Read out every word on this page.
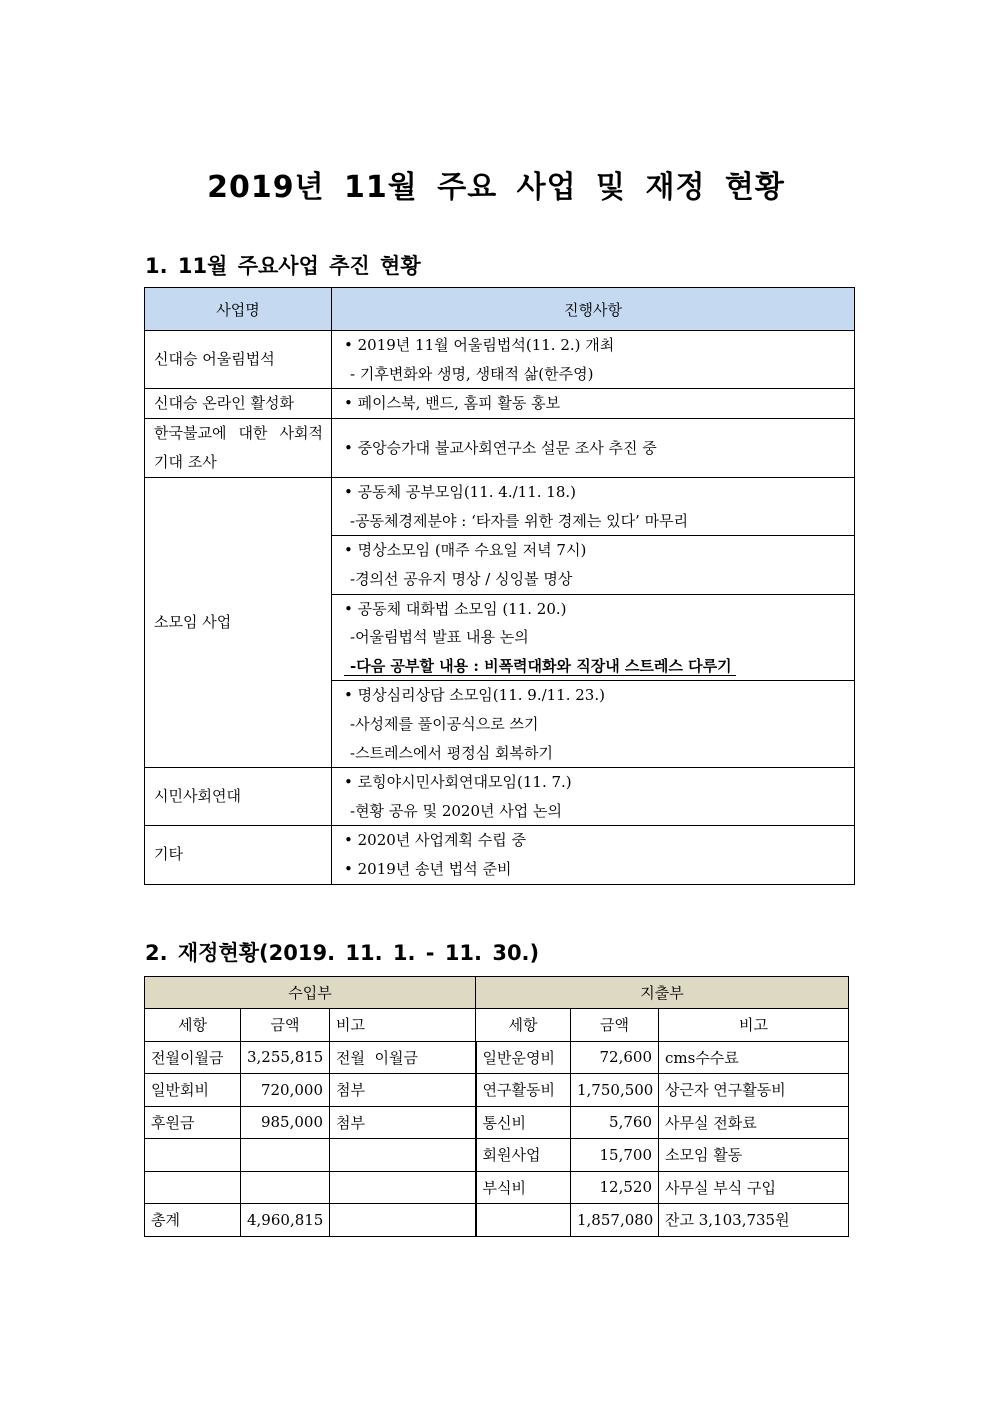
2019년 11월 주요 사업 및 재정 현황
1. 11월 주요사업 추진 현황
사업명	진행사항
신대승 어울림법석	• 2019년 11월 어울림법석(11. 2.) 개최
- 기후변화와 생명, 생태적 삶(한주영)

신대승 온라인 활성화	• 페이스북, 밴드, 홈피 활동 홍보

한국불교에 대한 사회적 기대 조사	• 중앙승가대 불교사회연구소 설문 조사 추진 중

소모임 사업	• 공동체 공부모임(11. 4./11. 18.)
-공동체경제분야 : ‘타자를 위한 경제는 있다’ 마무리

	• 명상소모임 (매주 수요일 저녁 7시)
-경의선 공유지 명상 / 싱잉볼 명상

	• 공동체 대화법 소모임 (11. 20.)
-어울림법석 발표 내용 논의
-다음 공부할 내용 : 비폭력대화와 직장내 스트레스 다루기

	• 명상심리상담 소모임(11. 9./11. 23.)
-사성제를 풀이공식으로 쓰기
-스트레스에서 평정심 회복하기

시민사회연대	• 로힝야시민사회연대모임(11. 7.)
-현황 공유 및 2020년 사업 논의

기타	• 2020년 사업계획 수립 중
• 2019년 송년 법석 준비
2. 재정현황(2019. 11. 1. - 11. 30.)
수입부			지출부		
세항	금액	비고	세항	금액	비고
전월이월금	3,255,815	전월  이월금	일반운영비	72,600	cms수수료
일반회비	720,000	첨부	연구활동비	1,750,500	상근자 연구활동비
후원금	985,000	첨부	통신비	5,760	사무실 전화료
			회원사업	15,700	소모임 활동
			부식비	12,520	사무실 부식 구입
총계	4,960,815			1,857,080	잔고 3,103,735원
